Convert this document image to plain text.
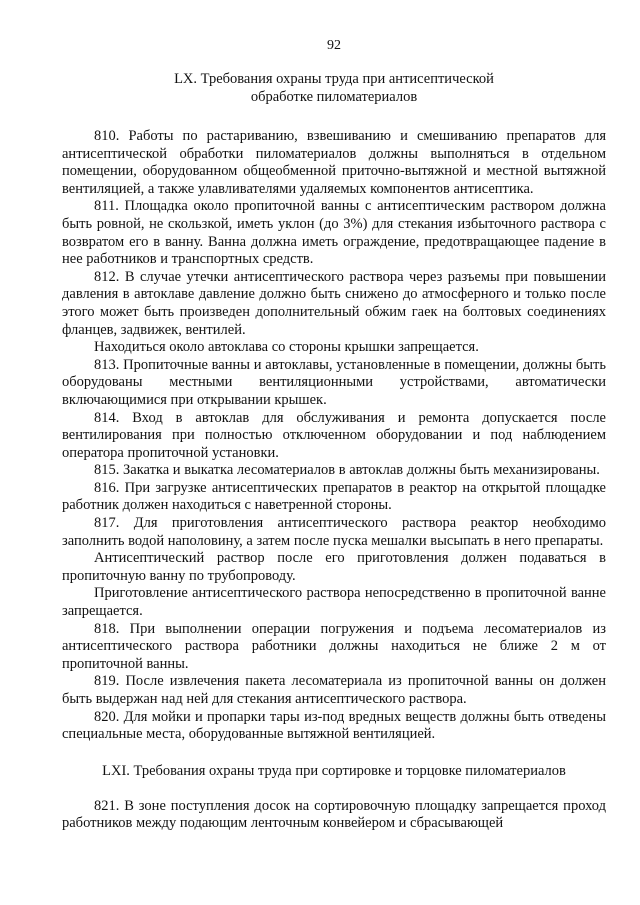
92
LX. Требования охраны труда при антисептической
обработке пиломатериалов

810. Работы по растариванию, взвешиванию и смешиванию препаратов для антисептической обработки пиломатериалов должны выполняться в отдельном помещении, оборудованном общеобменной приточно-вытяжной и местной вытяжной вентиляцией, а также улавливателями удаляемых компонентов антисептика.

811. Площадка около пропиточной ванны с антисептическим раствором должна быть ровной, не скользкой, иметь уклон (до 3%) для стекания избыточного раствора с возвратом его в ванну. Ванна должна иметь ограждение, предотвращающее падение в нее работников и транспортных средств.

812. В случае утечки антисептического раствора через разъемы при повышении давления в автоклаве давление должно быть снижено до атмосферного и только после этого может быть произведен дополнительный обжим гаек на болтовых соединениях фланцев, задвижек, вентилей.

Находиться около автоклава со стороны крышки запрещается.

813. Пропиточные ванны и автоклавы, установленные в помещении, должны быть оборудованы местными вентиляционными устройствами, автоматически включающимися при открывании крышек.

814. Вход в автоклав для обслуживания и ремонта допускается после вентилирования при полностью отключенном оборудовании и под наблюдением оператора пропиточной установки.

815. Закатка и выкатка лесоматериалов в автоклав должны быть механизированы.

816. При загрузке антисептических препаратов в реактор на открытой площадке работник должен находиться с наветренной стороны.

817. Для приготовления антисептического раствора реактор необходимо заполнить водой наполовину, а затем после пуска мешалки высыпать в него препараты.

Антисептический раствор после его приготовления должен подаваться в пропиточную ванну по трубопроводу.

Приготовление антисептического раствора непосредственно в пропиточной ванне запрещается.

818. При выполнении операции погружения и подъема лесоматериалов из антисептического раствора работники должны находиться не ближе 2 м от пропиточной ванны.

819. После извлечения пакета лесоматериала из пропиточной ванны он должен быть выдержан над ней для стекания антисептического раствора.

820. Для мойки и пропарки тары из-под вредных веществ должны быть отведены специальные места, оборудованные вытяжной вентиляцией.

LXI. Требования охраны труда при сортировке и торцовке пиломатериалов

821. В зоне поступления досок на сортировочную площадку запрещается проход работников между подающим ленточным конвейером и сбрасывающей
